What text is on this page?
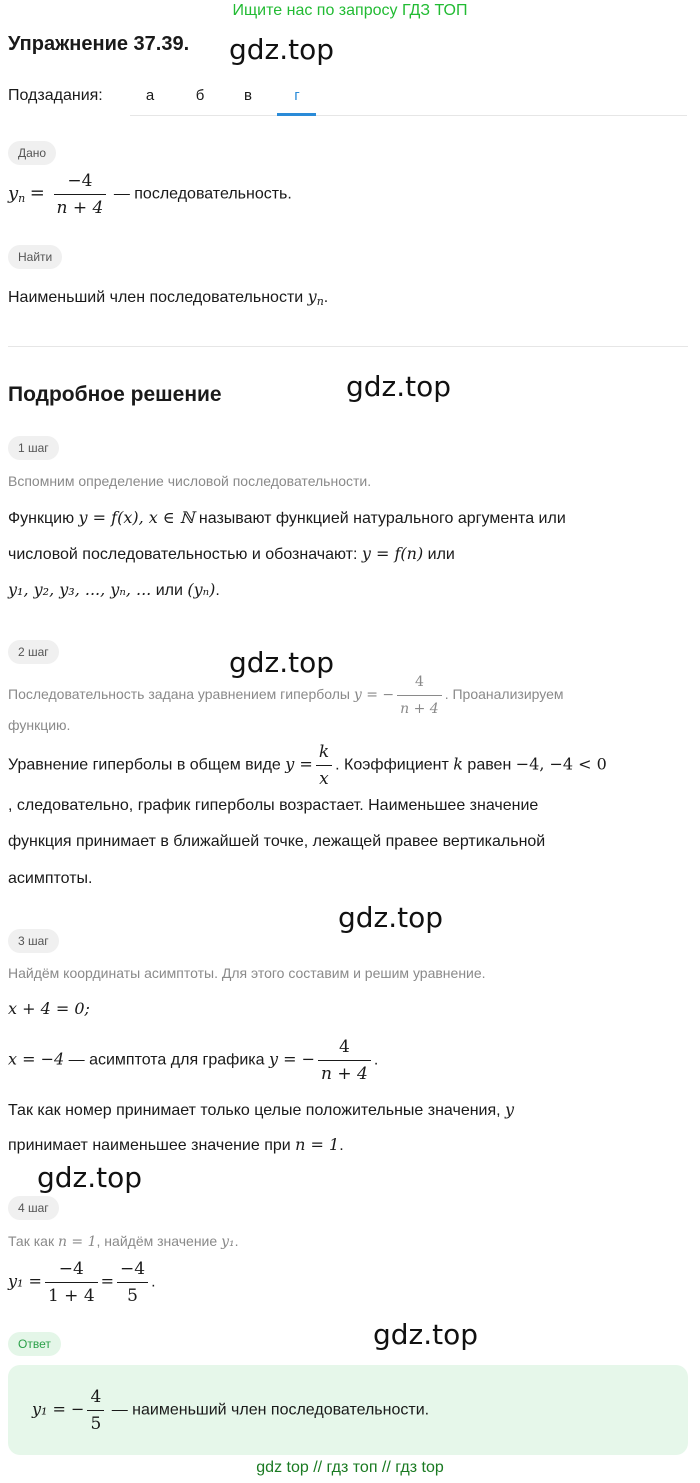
Ищите нас по запросу ГДЗ ТОП
Упражнение 37.39. gdz.top
Подзадания:	а	б	в	г
Дано
$y_n = \frac{-4}{n + 4}$ — последовательность.
Найти
Наименьший член последовательности $y_n$.
Подробное решение	gdz.top
1 шаг
Вспомним определение числовой последовательности.
Функцию y = f(x), x ∈ ℕ называют функцией натурального аргумента или
числовой последовательностью и обозначают: y = f(n) или
y₁, y₂, y₃, ..., yₙ, ... или (yₙ).
2 шаг	gdz.top
Последовательность задана уравнением гиперболы y = − $\frac{4}{n + 4}$ . Проанализируем
функцию.
Уравнение гиперболы в общем виде $y = \frac{k}{x}$ . Коэффициент k равен −4, −4 < 0
, следовательно, график гиперболы возрастает. Наименьшее значение
функция принимает в ближайшей точке, лежащей правее вертикальной
асимптоты.
gdz.top
3 шаг
Найдём координаты асимптоты. Для этого составим и решим уравнение.
x + 4 = 0;
x = −4 — асимптота для графика y = − $\frac{4}{n + 4}$ .
Так как номер принимает только целые положительные значения, y
принимает наименьшее значение при n = 1.
gdz.top
4 шаг
Так как n = 1, найдём значение y₁.
$y_1 = \frac{-4}{1 + 4} = \frac{-4}{5}$ .
Ответ	gdz.top
y₁ = − $\frac{4}{5}$ — наименьший член последовательности.
gdz top // гдз топ // гдз top
